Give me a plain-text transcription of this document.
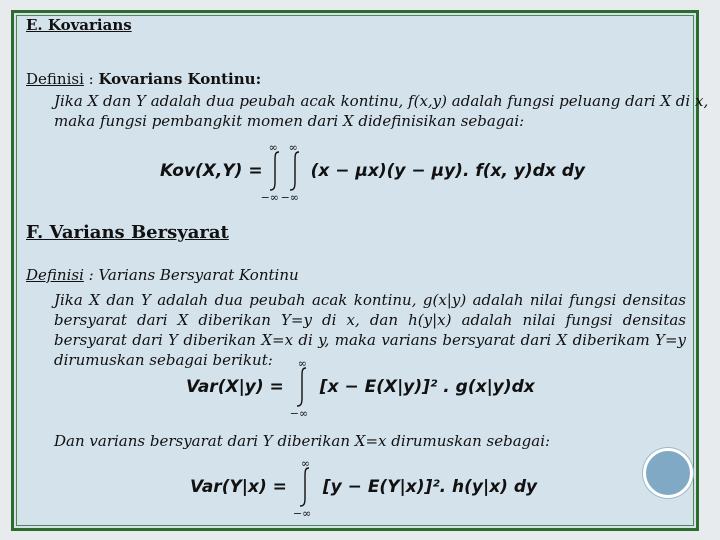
E. Kovarians
Definisi : Kovarians Kontinu:
Jika X dan Y adalah dua peubah acak kontinu, f(x,y) adalah fungsi peluang dari X di x,
maka fungsi pembangkit momen dari X didefinisikan sebagai:
Kov(X,Y) =
∞
−∞
∞
−∞
(x − μx)(y − μy). f(x, y)dx dy
F. Varians Bersyarat
Definisi : Varians Bersyarat Kontinu
Jika X dan Y adalah dua peubah acak kontinu, g(x|y) adalah nilai fungsi densitas bersyarat dari X diberikan Y=y di x, dan h(y|x) adalah nilai fungsi densitas bersyarat dari Y diberikan X=x di y, maka varians bersyarat dari X diberikam Y=y dirumuskan sebagai berikut:
Var(X|y) =
∞
−∞
[x − E(X|y)]² . g(x|y)dx
Dan varians bersyarat dari Y diberikan X=x dirumuskan sebagai:
Var(Y|x) =
∞
−∞
[y − E(Y|x)]². h(y|x) dy
